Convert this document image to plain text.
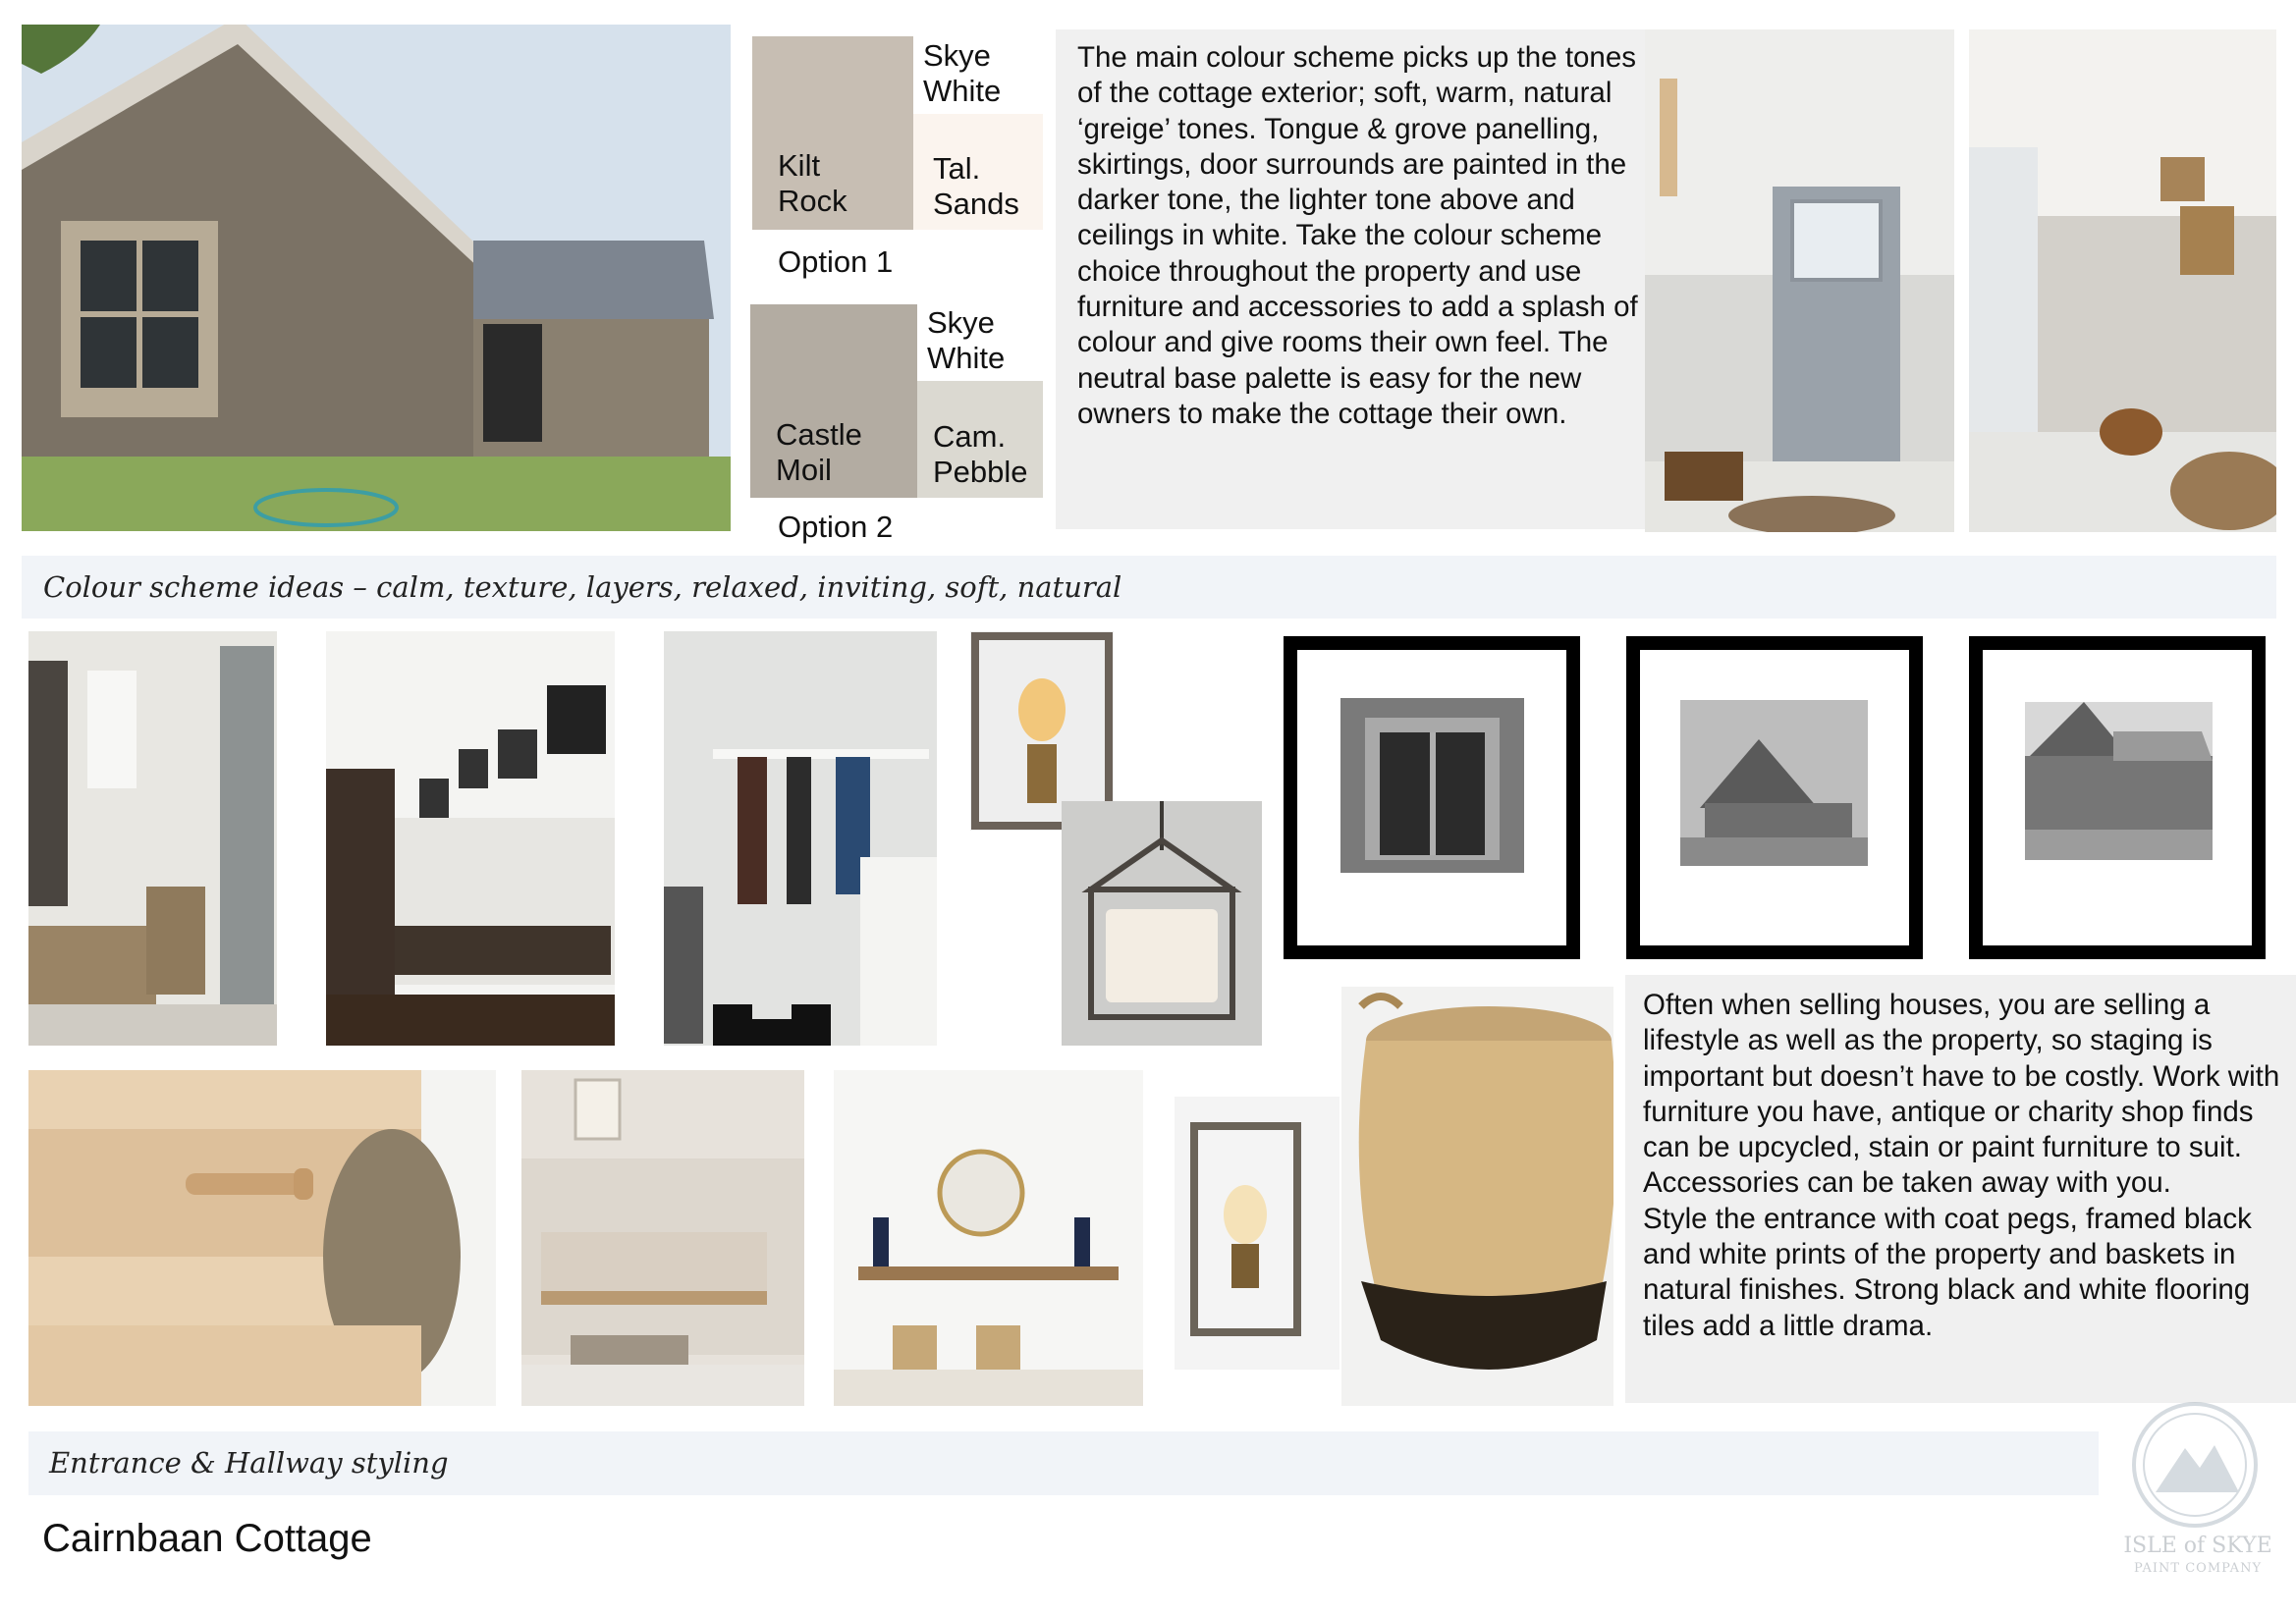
Skye White
Kilt Rock
Tal. Sands
Option 1
Skye White
Castle Moil
Cam. Pebble
Option 2
The main colour scheme picks up the tones of the cottage exterior; soft, warm, natural ‘greige’ tones. Tongue & grove panelling, skirtings, door surrounds are painted in the darker tone, the lighter tone above and ceilings in white. Take the colour scheme choice throughout the property and use furniture and accessories to add a splash of colour and give rooms their own feel. The neutral base palette is easy for the new owners to make the cottage their own.
Colour scheme ideas – calm, texture, layers, relaxed, inviting, soft, natural
Often when selling houses, you are selling a lifestyle as well as the property, so staging is important but doesn’t have to be costly. Work with furniture you have, antique or charity shop finds can be upcycled, stain or paint furniture to suit. Accessories can be taken away with you.
Style the entrance with coat pegs, framed black and white prints of the property and baskets in natural finishes. Strong black and white flooring tiles add a little drama.
Entrance & Hallway styling
Cairnbaan Cottage	ISLE of SKYE
PAINT COMPANY
